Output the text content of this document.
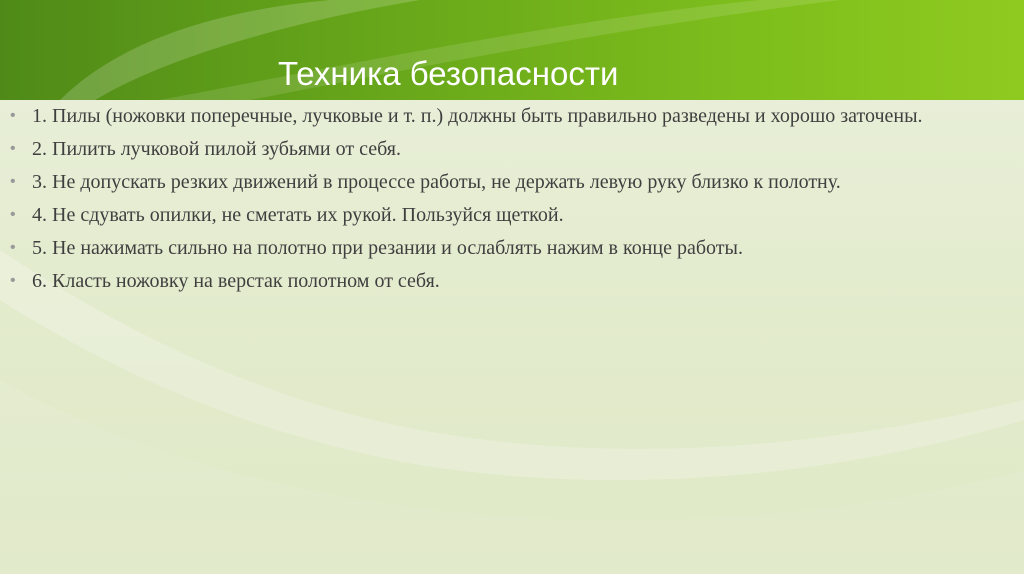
Техника безопасности
• 1. Пилы (ножовки поперечные, лучковые и т. п.) должны быть правильно разведены и хорошо заточены.
• 2. Пилить лучковой пилой зубьями от себя.
• 3. Не допускать резких движений в процессе работы, не держать левую руку близко к полотну.
• 4. Не сдувать опилки, не сметать их рукой. Пользуйся щеткой.
• 5. Не нажимать сильно на полотно при резании и ослаблять нажим в конце работы.
• 6. Класть ножовку на верстак полотном от себя.
